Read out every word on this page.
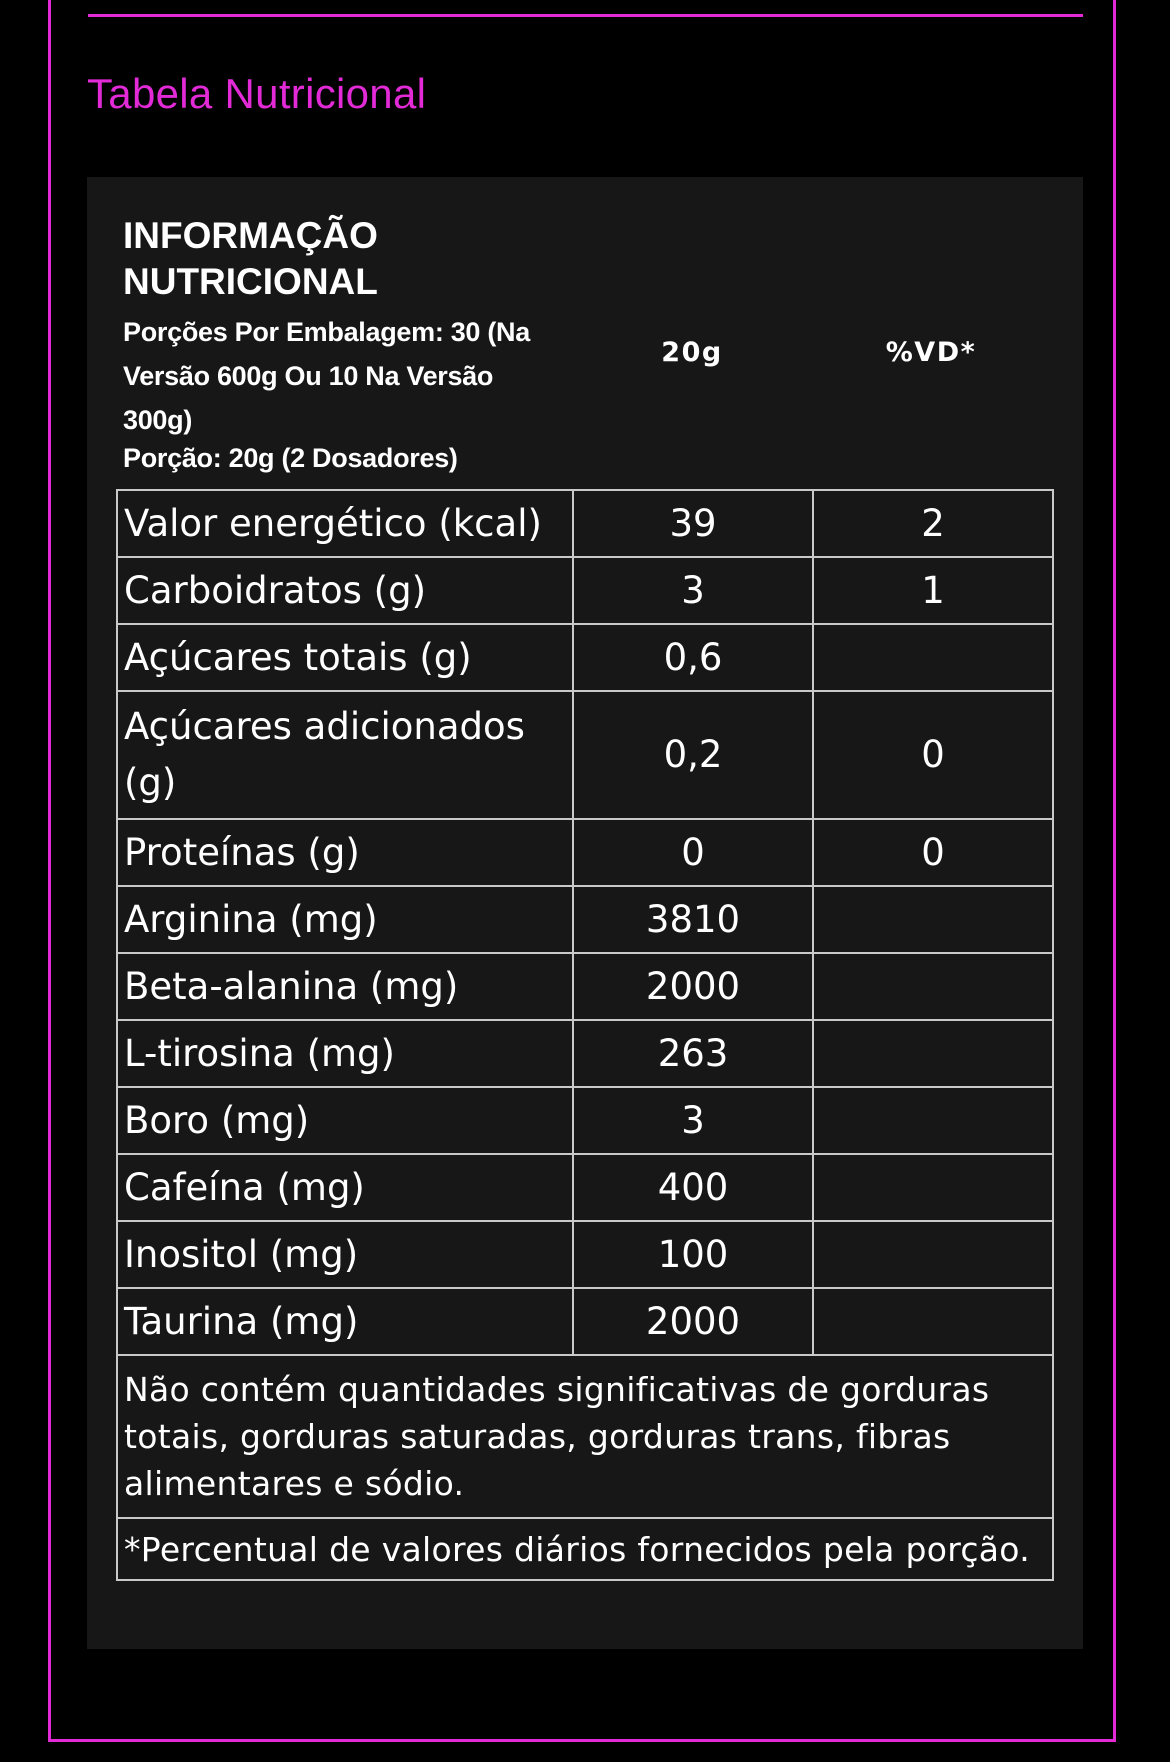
Tabela Nutricional
INFORMAÇÃO NUTRICIONAL
Porções Por Embalagem: 30 (Na Versão 600g Ou 10 Na Versão 300g)
Porção: 20g (2 Dosadores)
20g	%VD*
Valor energético (kcal)	39	2
Carboidratos (g)	3	1
Açúcares totais (g)	0,6	
Açúcares adicionados (g)	0,2	0
Proteínas (g)	0	0
Arginina (mg)	3810	
Beta-alanina (mg)	2000	
L-tirosina (mg)	263	
Boro (mg)	3	
Cafeína (mg)	400	
Inositol (mg)	100	
Taurina (mg)	2000	
Não contém quantidades significativas de gorduras totais, gorduras saturadas, gorduras trans, fibras alimentares e sódio.		
*Percentual de valores diários fornecidos pela porção.		
